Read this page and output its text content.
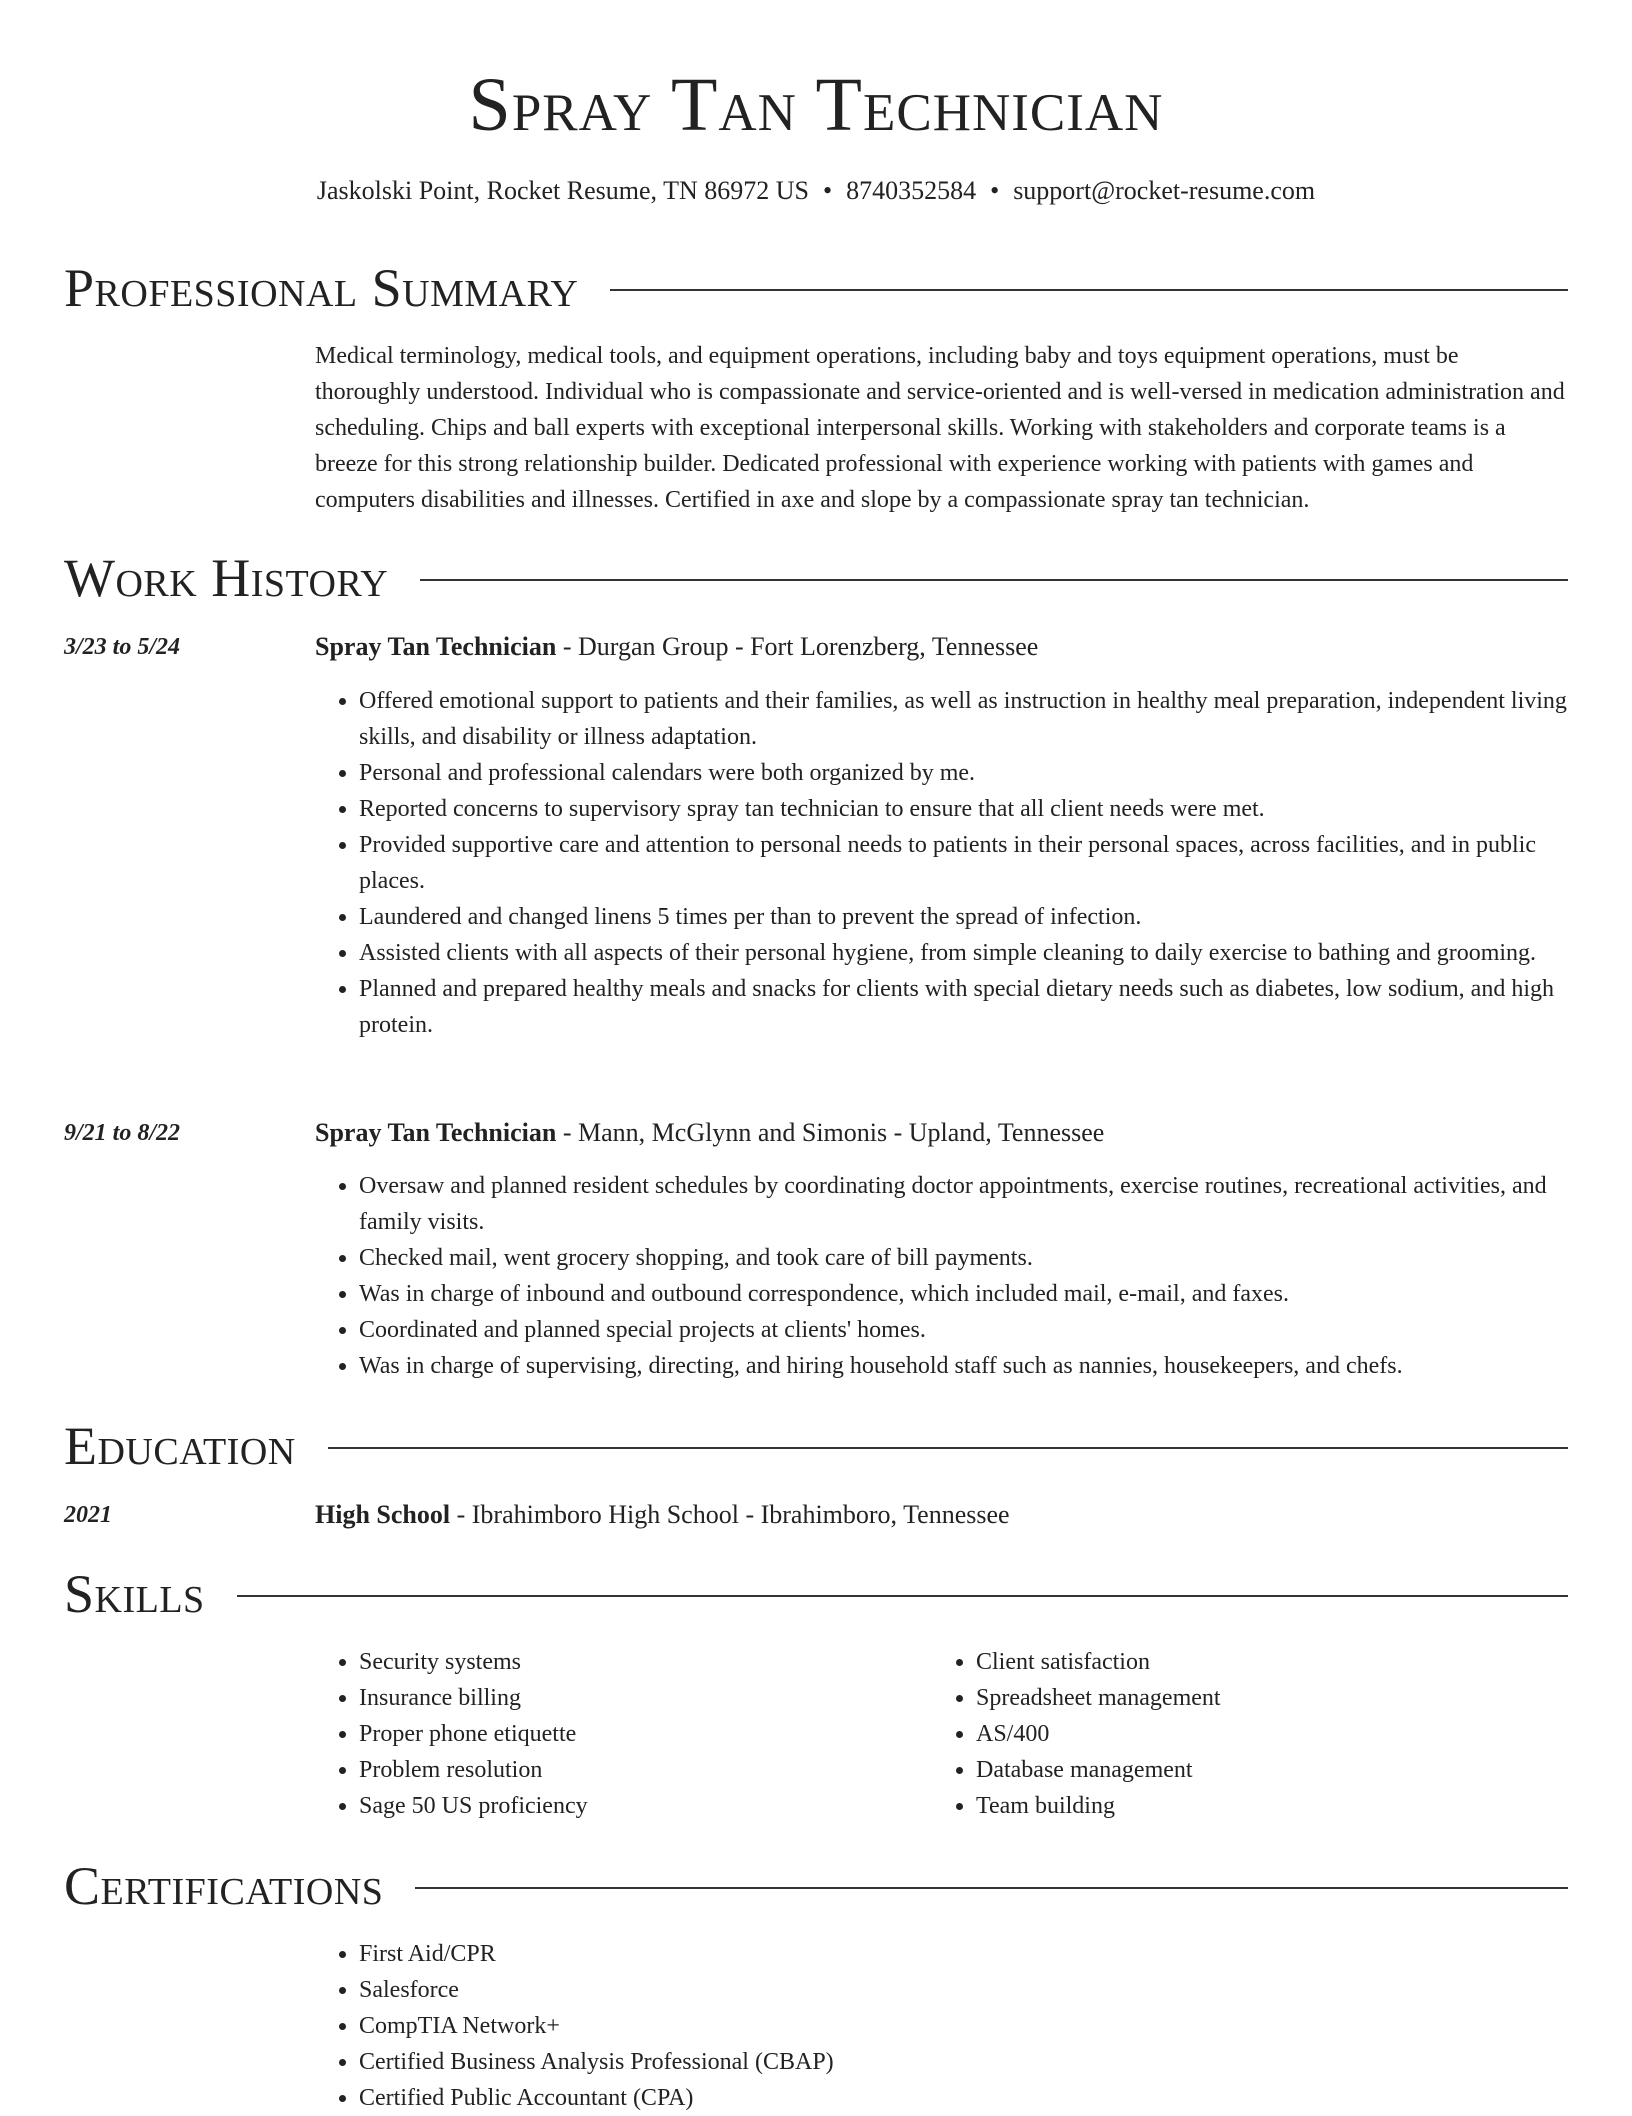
Spray Tan Technician
Jaskolski Point, Rocket Resume, TN 86972 US • 8740352584 • support@rocket-resume.com
Professional Summary

Medical terminology, medical tools, and equipment operations, including baby and toys equipment operations, must be thoroughly understood. Individual who is compassionate and service-oriented and is well-versed in medication administration and scheduling. Chips and ball experts with exceptional interpersonal skills. Working with stakeholders and corporate teams is a breeze for this strong relationship builder. Dedicated professional with experience working with patients with games and computers disabilities and illnesses. Certified in axe and slope by a compassionate spray tan technician.

Work History
3/23 to 5/24	Spray Tan Technician - Durgan Group - Fort Lorenzberg, Tennessee
• Offered emotional support to patients and their families, as well as instruction in healthy meal preparation, independent living skills, and disability or illness adaptation.
• Personal and professional calendars were both organized by me.
• Reported concerns to supervisory spray tan technician to ensure that all client needs were met.
• Provided supportive care and attention to personal needs to patients in their personal spaces, across facilities, and in public places.
• Laundered and changed linens 5 times per than to prevent the spread of infection.
• Assisted clients with all aspects of their personal hygiene, from simple cleaning to daily exercise to bathing and grooming.
• Planned and prepared healthy meals and snacks for clients with special dietary needs such as diabetes, low sodium, and high protein.
9/21 to 8/22	Spray Tan Technician - Mann, McGlynn and Simonis - Upland, Tennessee
• Oversaw and planned resident schedules by coordinating doctor appointments, exercise routines, recreational activities, and family visits.
• Checked mail, went grocery shopping, and took care of bill payments.
• Was in charge of inbound and outbound correspondence, which included mail, e-mail, and faxes.
• Coordinated and planned special projects at clients' homes.
• Was in charge of supervising, directing, and hiring household staff such as nannies, housekeepers, and chefs.
Education
2021	High School - Ibrahimboro High School - Ibrahimboro, Tennessee
Skills
• Security systems
• Insurance billing
• Proper phone etiquette
• Problem resolution
• Sage 50 US proficiency
• Client satisfaction
• Spreadsheet management
• AS/400
• Database management
• Team building
Certifications
• First Aid/CPR
• Salesforce
• CompTIA Network+
• Certified Business Analysis Professional (CBAP)
• Certified Public Accountant (CPA)
